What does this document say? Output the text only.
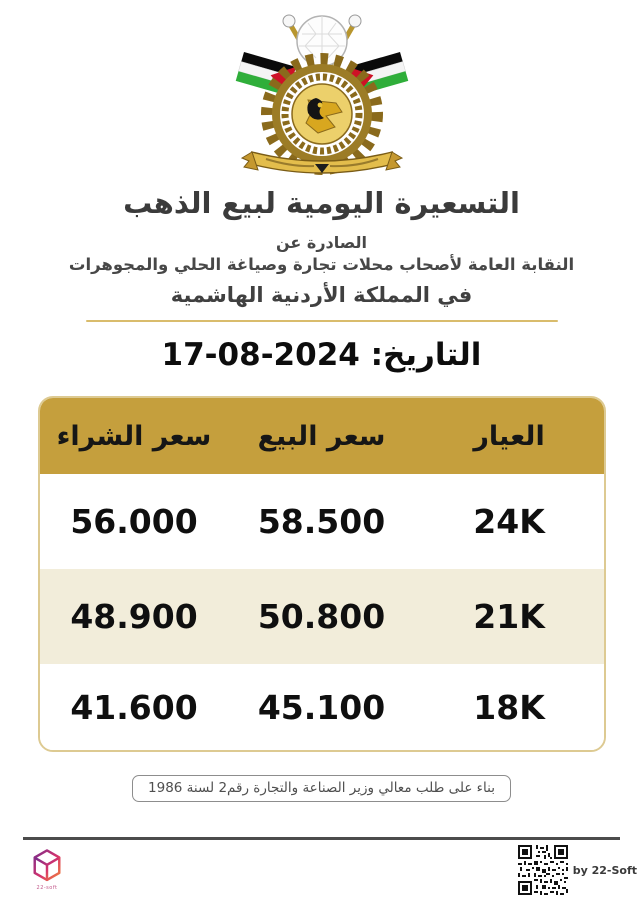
التسعيرة اليومية لبيع الذهب
الصادرة عن
النقابة العامة لأصحاب محلات تجارة وصياغة الحلي والمجوهرات
في المملكة الأردنية الهاشمية
التاريخ: 17-08-2024
العيار
سعر البيع
سعر الشراء
24K
58.500
56.000
21K
50.800
48.900
18K
45.100
41.600
بناء على طلب معالي وزير الصناعة والتجارة رقم2 لسنة 1986
22-soft
by 22-Soft
